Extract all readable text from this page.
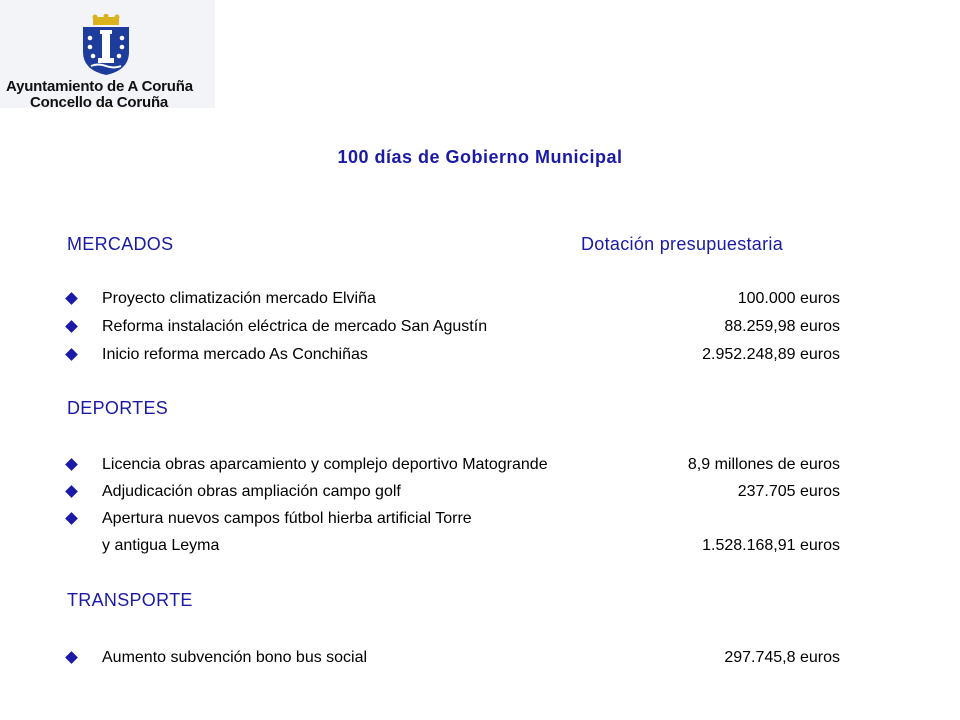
Ayuntamiento de A Coruña
Concello da Coruña
100 días de Gobierno Municipal
MERCADOS	Dotación presupuestaria
Proyecto climatización mercado Elviña	100.000 euros
Reforma instalación eléctrica de mercado San Agustín	88.259,98 euros
Inicio reforma mercado As Conchiñas	2.952.248,89 euros
DEPORTES
Licencia obras aparcamiento y complejo deportivo Matogrande	8,9 millones de euros
Adjudicación obras ampliación campo golf	237.705 euros
Apertura nuevos campos fútbol hierba artificial Torre
y antigua Leyma	1.528.168,91 euros
TRANSPORTE
Aumento subvención bono bus social	297.745,8 euros
